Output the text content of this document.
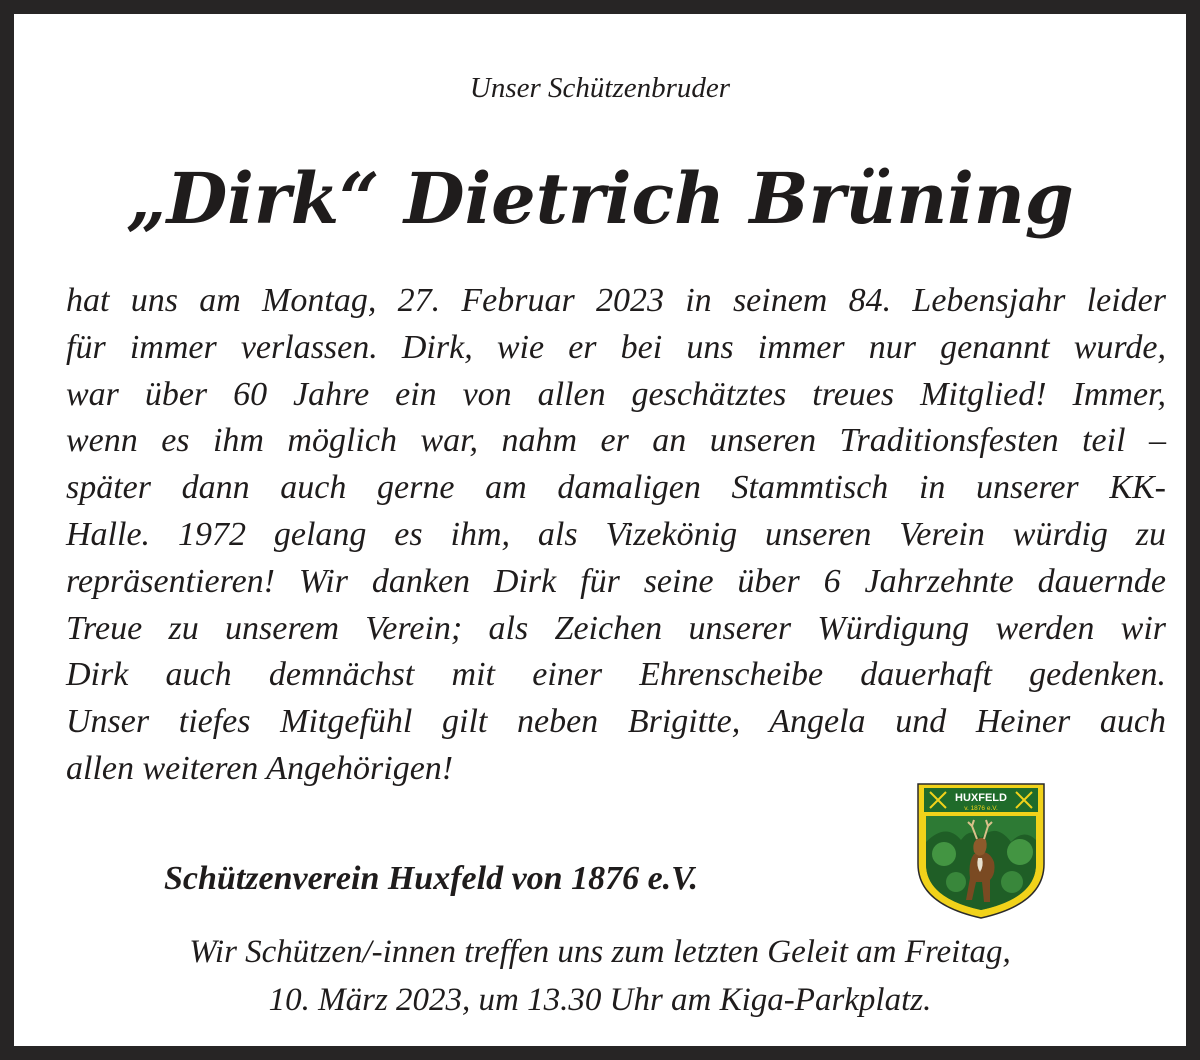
Unser Schützenbruder
„Dirk“ Dietrich Brüning
hat uns am Montag, 27. Februar 2023 in seinem 84. Lebensjahr leider
für immer verlassen. Dirk, wie er bei uns immer nur genannt wurde,
war über 60 Jahre ein von allen geschätztes treues Mitglied! Immer,
wenn es ihm möglich war, nahm er an unseren Traditionsfesten teil –
später dann auch gerne am damaligen Stammtisch in unserer KK-
Halle. 1972 gelang es ihm, als Vizekönig unseren Verein würdig zu
repräsentieren! Wir danken Dirk für seine über 6 Jahrzehnte dauernde
Treue zu unserem Verein; als Zeichen unserer Würdigung werden wir
Dirk auch demnächst mit einer Ehrenscheibe dauerhaft gedenken.
Unser tiefes Mitgefühl gilt neben Brigitte, Angela und Heiner auch
allen weiteren Angehörigen!
Schützenverein Huxfeld von 1876 e.V.
HUXFELD
v. 1876 e.V.
Wir Schützen/-innen treffen uns zum letzten Geleit am Freitag,
10. März 2023, um 13.30 Uhr am Kiga-Parkplatz.
